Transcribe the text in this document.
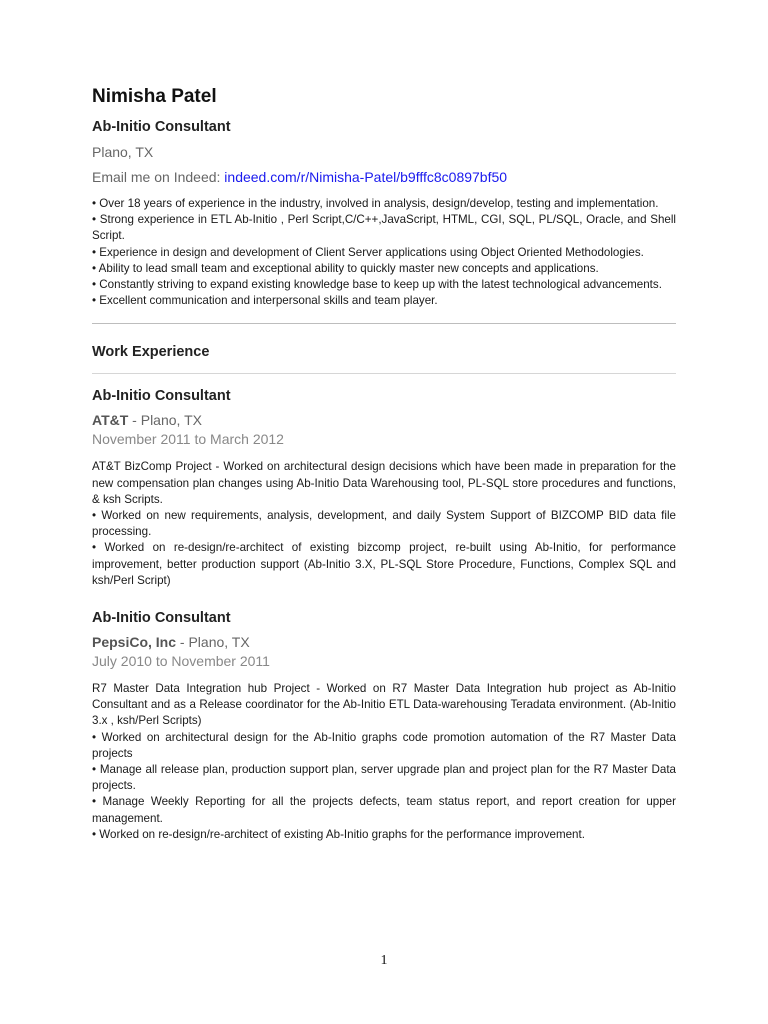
Nimisha Patel
Ab-Initio Consultant
Plano, TX
Email me on Indeed: indeed.com/r/Nimisha-Patel/b9fffc8c0897bf50

• Over 18 years of experience in the industry, involved in analysis, design/develop, testing and implementation.

• Strong experience in ETL Ab-Initio , Perl Script,C/C++,JavaScript, HTML, CGI, SQL, PL/SQL, Oracle, and Shell Script.

• Experience in design and development of Client Server applications using Object Oriented Methodologies.

• Ability to lead small team and exceptional ability to quickly master new concepts and applications.

• Constantly striving to expand existing knowledge base to keep up with the latest technological advancements.

• Excellent communication and interpersonal skills and team player.

Work Experience
Ab-Initio Consultant
AT&T - Plano, TX
November 2011 to March 2012

AT&T BizComp Project - Worked on architectural design decisions which have been made in preparation for the new compensation plan changes using Ab-Initio Data Warehousing tool, PL-SQL store procedures and functions, & ksh Scripts.

• Worked on new requirements, analysis, development, and daily System Support of BIZCOMP BID data file processing.

• Worked on re-design/re-architect of existing bizcomp project, re-built using Ab-Initio, for performance improvement, better production support (Ab-Initio 3.X, PL-SQL Store Procedure, Functions, Complex SQL and ksh/Perl Script)

Ab-Initio Consultant
PepsiCo, Inc - Plano, TX
July 2010 to November 2011

R7 Master Data Integration hub Project - Worked on R7 Master Data Integration hub project as Ab-Initio Consultant and as a Release coordinator for the Ab-Initio ETL Data-warehousing Teradata environment. (Ab-Initio 3.x , ksh/Perl Scripts)

• Worked on architectural design for the Ab-Initio graphs code promotion automation of the R7 Master Data projects

• Manage all release plan, production support plan, server upgrade plan and project plan for the R7 Master Data projects.

• Manage Weekly Reporting for all the projects defects, team status report, and report creation for upper management.

• Worked on re-design/re-architect of existing Ab-Initio graphs for the performance improvement.

1
